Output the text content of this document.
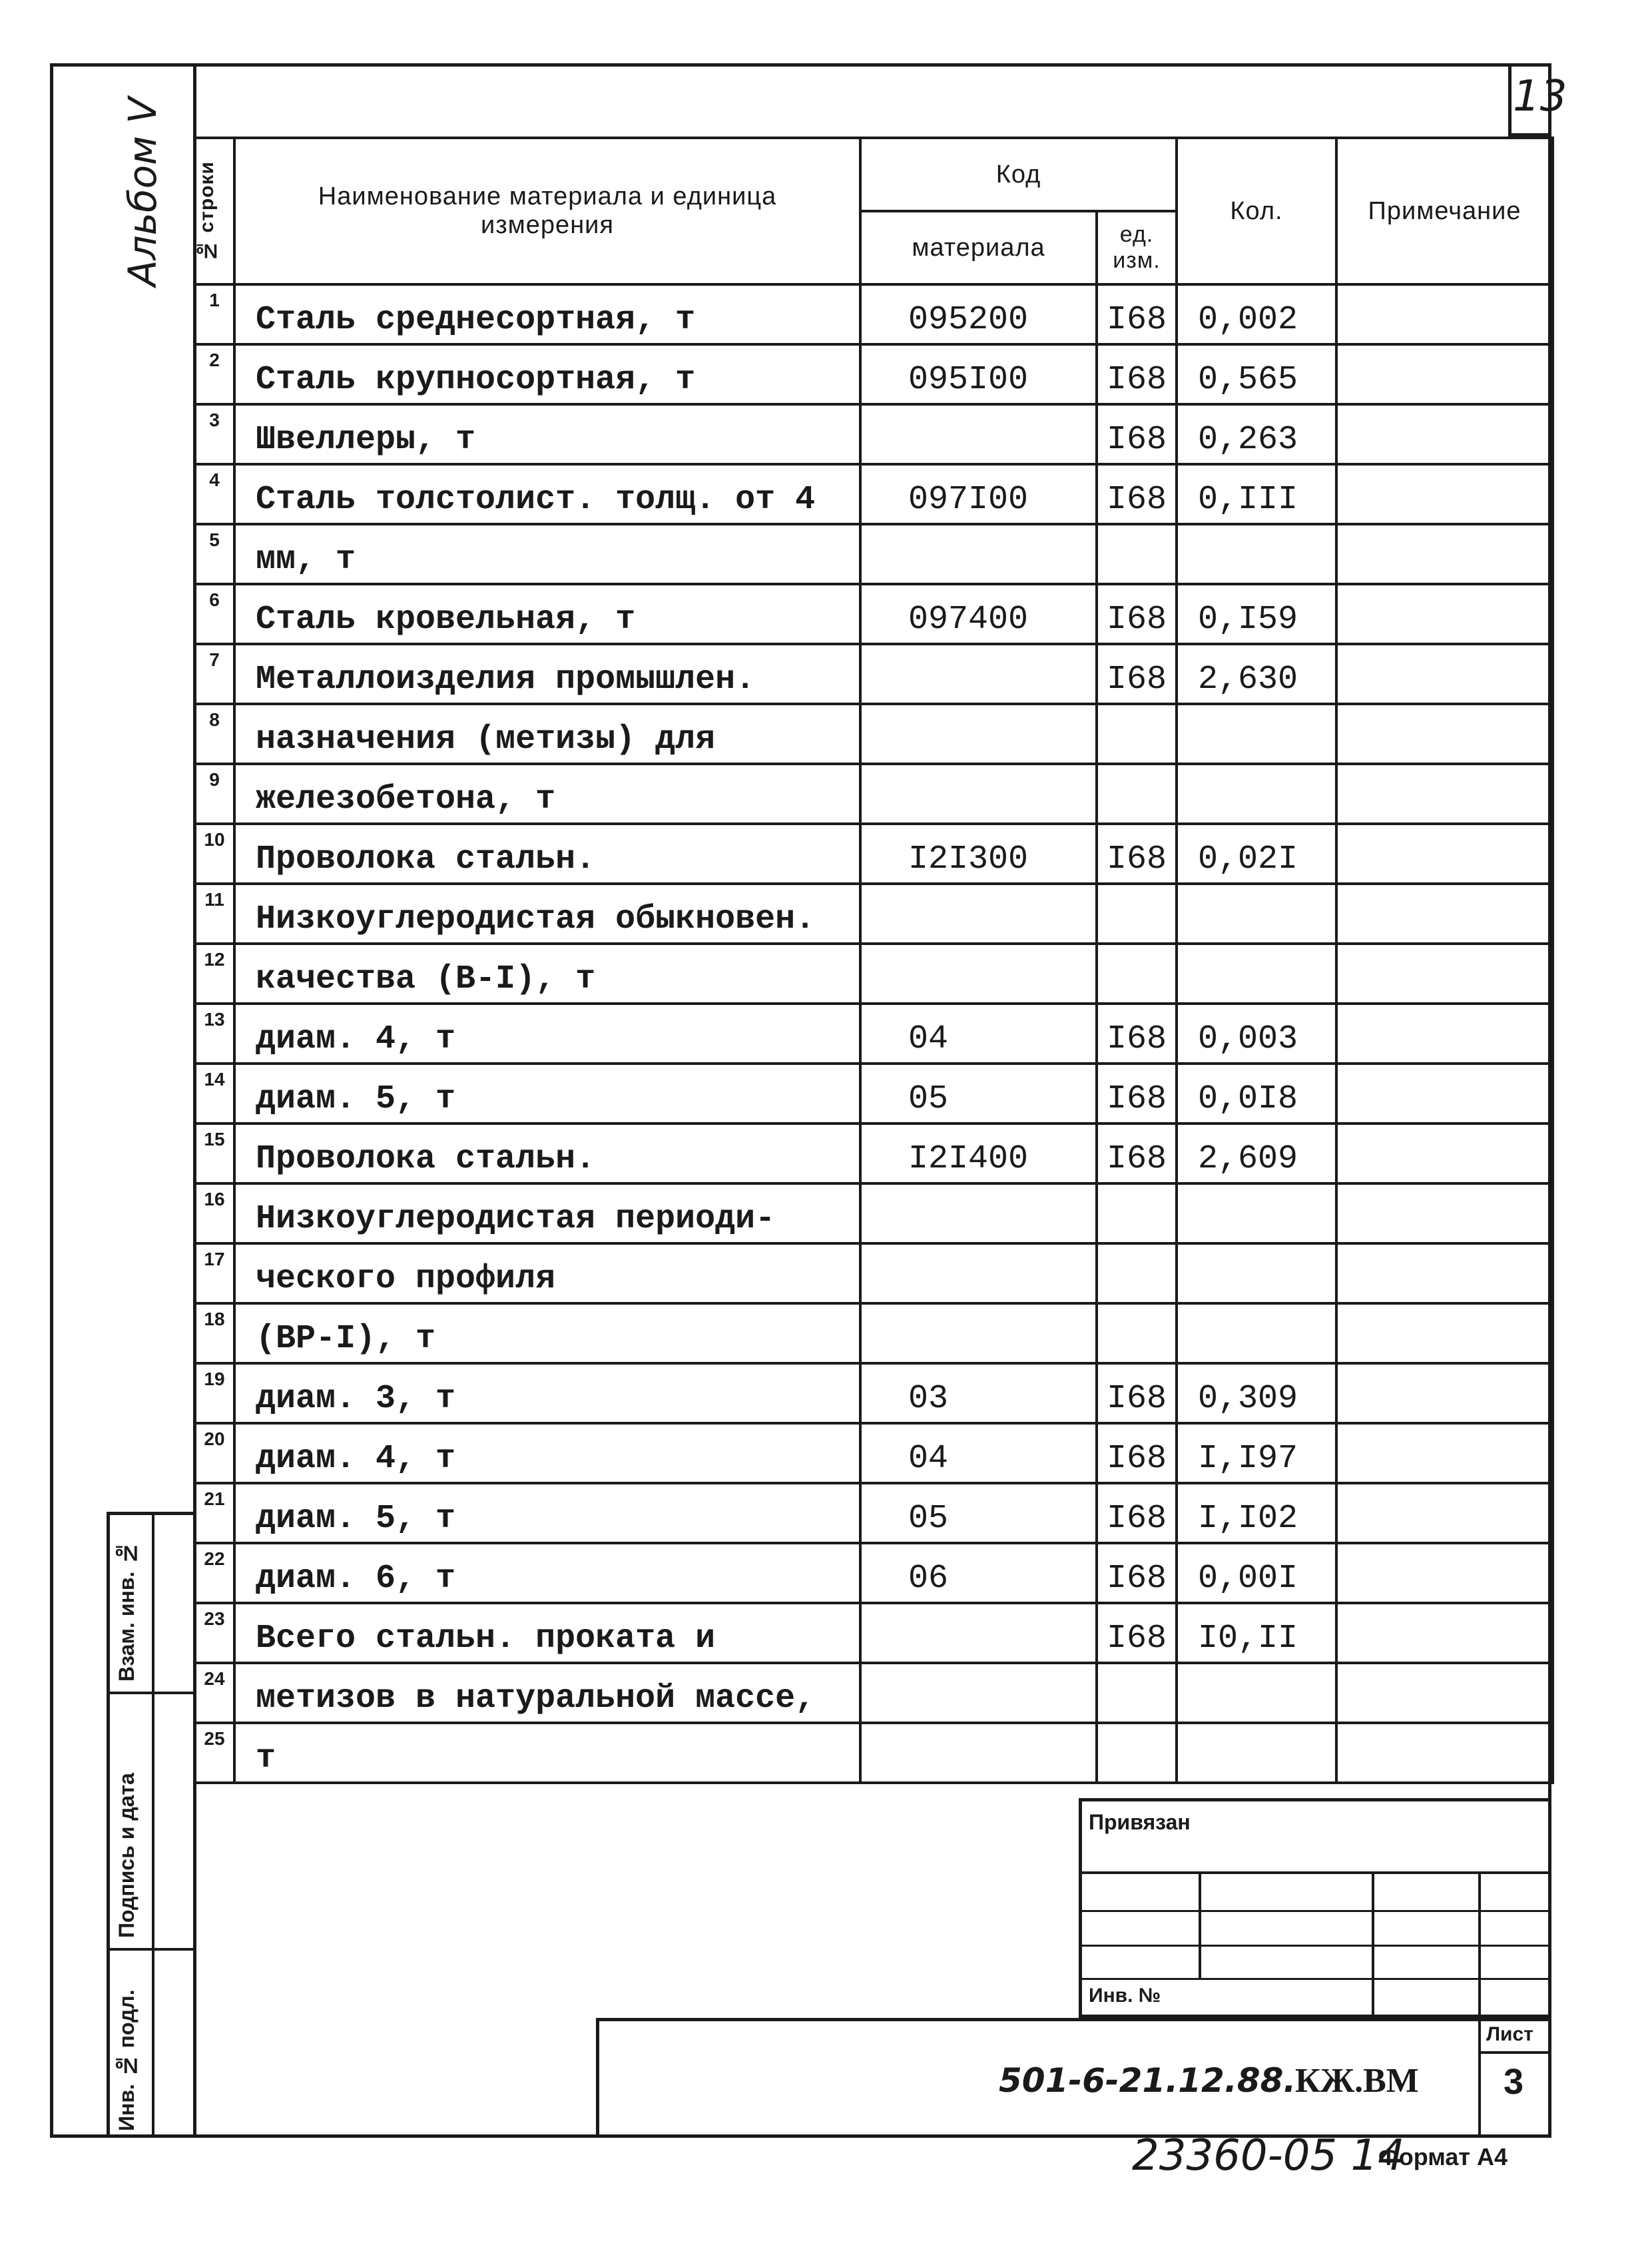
13
Альбом V № строки	Наименование материала и единица измерения	Код		Кол.	Примечание
		материала	ед. изм.		
1	Сталь среднесортная, т	095200	I68	0,002	
2	Сталь крупносортная, т	095I00	I68	0,565	
3	Швеллеры, т		I68	0,263	
4	Сталь толстолист. толщ. от 4	097I00	I68	0,III	
5	мм, т				
6	Сталь кровельная, т	097400	I68	0,I59	
7	Металлоизделия промышлен.		I68	2,630	
8	назначения (метизы) для				
9	железобетона, т				
10	Проволока стальн.	I2I300	I68	0,02I	
11	Низкоуглеродистая обыкновен.				
12	качества (В-I), т				
13	диам. 4, т	04	I68	0,003	
14	диам. 5, т	05	I68	0,0I8	
15	Проволока стальн.	I2I400	I68	2,609	
16	Низкоуглеродистая периоди-				
17	ческого профиля				
18	(ВР-I), т				
19	диам. 3, т	03	I68	0,309	
20	диам. 4, т	04	I68	I,I97	
21	диам. 5, т	05	I68	I,I02	
22	диам. 6, т	06	I68	0,00I	
23	Всего стальн. проката и		I68	I0,II	
24	метизов в натуральной массе,				
25	т				
Взам. инв. №
Подпись и дата
Инв. № подл.
Привязан
Инв. №
Лист
3
501-6-21.12.88.
КЖ.ВМ
23360-05 14
Формат А4
